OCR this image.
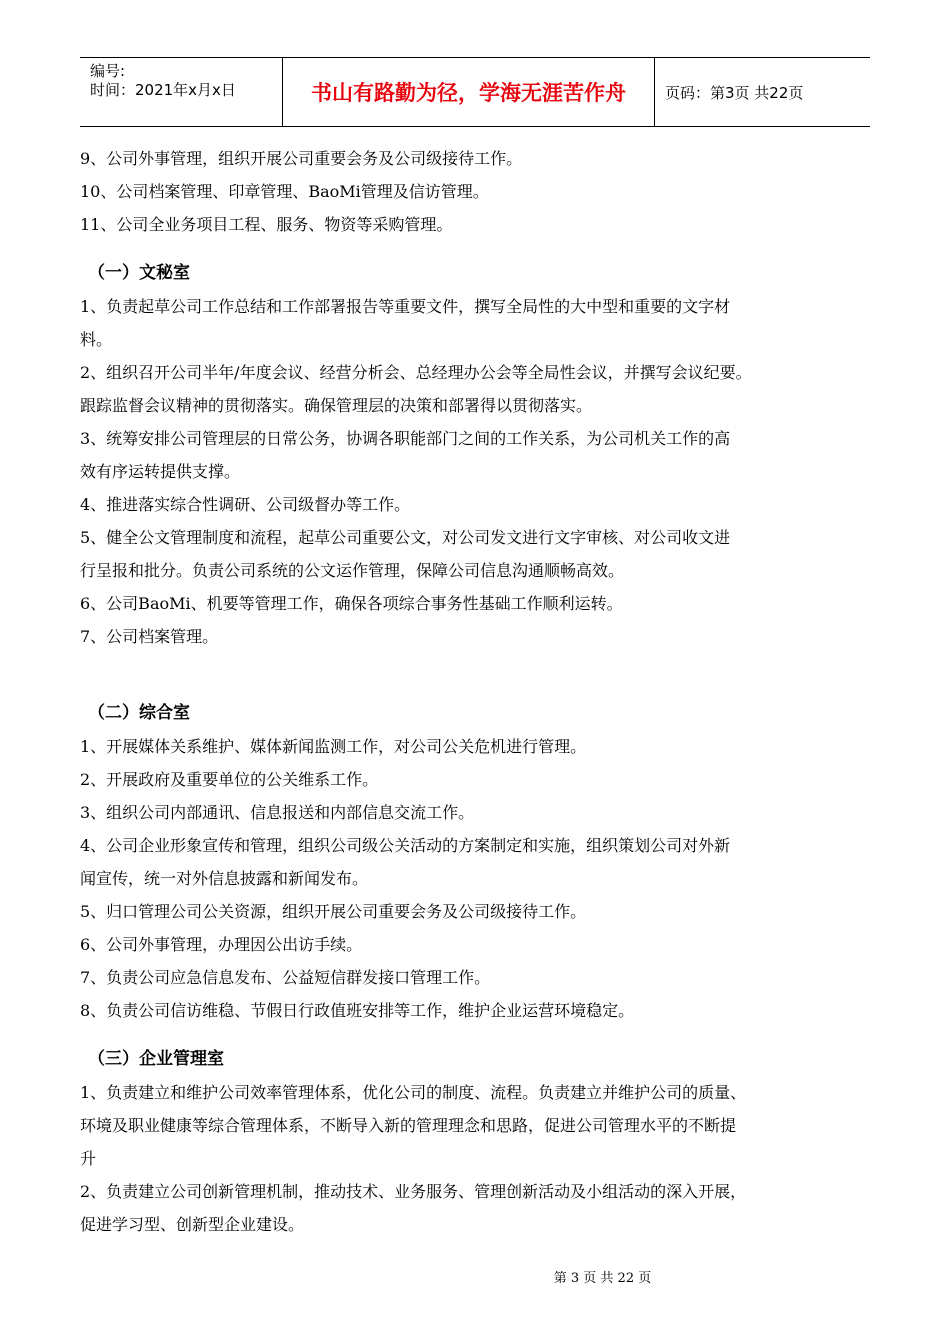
编号:
时间：2021年x月x日	书山有路勤为径，学海无涯苦作舟	页码：第3页 共22页
9、公司外事管理，组织开展公司重要会务及公司级接待工作。
10、公司档案管理、印章管理、BaoMi管理及信访管理。
11、公司全业务项目工程、服务、物资等采购管理。
（一）文秘室
1、负责起草公司工作总结和工作部署报告等重要文件，撰写全局性的大中型和重要的文字材
料。
2、组织召开公司半年/年度会议、经营分析会、总经理办公会等全局性会议，并撰写会议纪要。
跟踪监督会议精神的贯彻落实。确保管理层的决策和部署得以贯彻落实。
3、统筹安排公司管理层的日常公务，协调各职能部门之间的工作关系，为公司机关工作的高
效有序运转提供支撑。
4、推进落实综合性调研、公司级督办等工作。
5、健全公文管理制度和流程，起草公司重要公文，对公司发文进行文字审核、对公司收文进
行呈报和批分。负责公司系统的公文运作管理，保障公司信息沟通顺畅高效。
6、公司BaoMi、机要等管理工作，确保各项综合事务性基础工作顺利运转。
7、公司档案管理。
（二）综合室
1、开展媒体关系维护、媒体新闻监测工作，对公司公关危机进行管理。
2、开展政府及重要单位的公关维系工作。
3、组织公司内部通讯、信息报送和内部信息交流工作。
4、公司企业形象宣传和管理，组织公司级公关活动的方案制定和实施，组织策划公司对外新
闻宣传，统一对外信息披露和新闻发布。
5、归口管理公司公关资源，组织开展公司重要会务及公司级接待工作。
6、公司外事管理，办理因公出访手续。
7、负责公司应急信息发布、公益短信群发接口管理工作。
8、负责公司信访维稳、节假日行政值班安排等工作，维护企业运营环境稳定。
（三）企业管理室
1、负责建立和维护公司效率管理体系，优化公司的制度、流程。负责建立并维护公司的质量、
环境及职业健康等综合管理体系，不断导入新的管理理念和思路，促进公司管理水平的不断提
升
2、负责建立公司创新管理机制，推动技术、业务服务、管理创新活动及小组活动的深入开展，
促进学习型、创新型企业建设。
第 3 页 共 22 页
